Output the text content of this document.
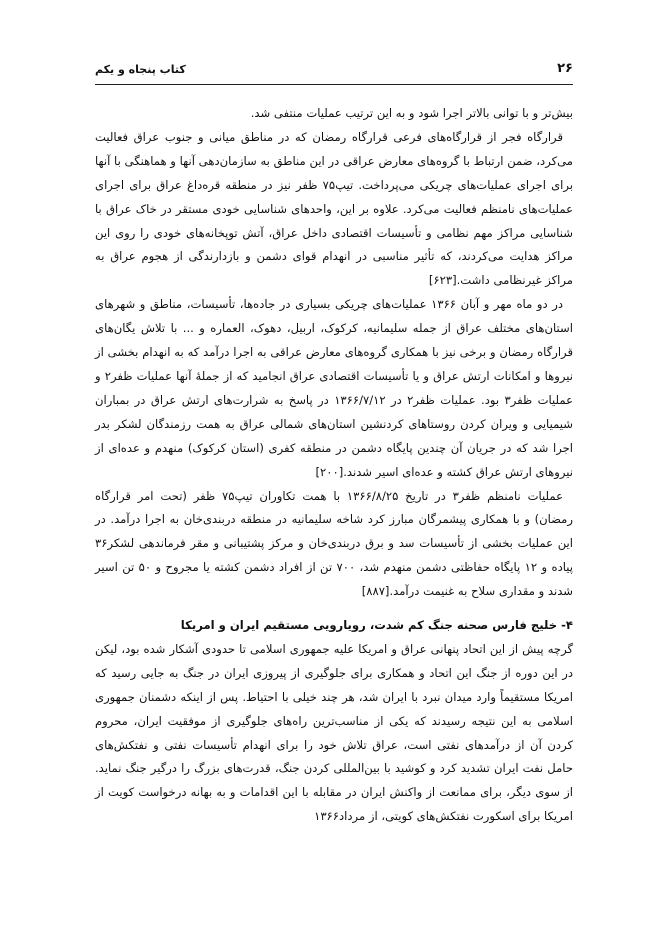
۲۶
کتاب پنجاه و یکم

بیش‌تر و با توانی بالاتر اجرا شود و به این ترتیب عملیات منتفی شد.

قرارگاه فجر از قرارگاه‌های فرعی قرارگاه رمضان که در مناطق میانی و جنوب عراق فعالیت می‌کرد، ضمن ارتباط با گروه‌های معارض عراقی در این مناطق به سازمان‌دهی آنها و هماهنگی با آنها برای اجرای عملیات‌های چریکی می‌پرداخت. تیپ۷۵ ظفر نیز در منطقه قره‌داغ عراق برای اجرای عملیات‌های نامنظم فعالیت می‌کرد. علاوه بر این، واحدهای شناسایی خودی مستقر در خاک عراق با شناسایی مراکز مهم نظامی و تأسیسات اقتصادی داخل عراق، آتش توپخانه‌های خودی را روی این مراکز هدایت می‌کردند، که تأثیر مناسبی در انهدام قوای دشمن و بازدارندگی از هجوم عراق به مراکز غیرنظامی داشت.[۶۲۳]

در دو ماه مهر و آبان ۱۳۶۶ عملیات‌های چریکی بسیاری در جاده‌ها، تأسیسات، مناطق و شهرهای استان‌های مختلف عراق از جمله سلیمانیه، کرکوک، اربیل، دهوک، العماره و ... با تلاش یگان‌های قرارگاه رمضان و برخی نیز با همکاری گروه‌های معارض عراقی به اجرا درآمد که به انهدام بخشی از نیروها و امکانات ارتش عراق و یا تأسیسات اقتصادی عراق انجامید که از جملۀ آنها عملیات ظفر۲ و عملیات ظفر۳ بود. عملیات ظفر۲ در ۱۳۶۶/۷/۱۲ در پاسخ به شرارت‌های ارتش عراق در بمباران شیمیایی و ویران کردن روستاهای کردنشین استان‌های شمالی عراق به همت رزمندگان لشکر بدر اجرا شد که در جریان آن چندین پایگاه دشمن در منطقه کفری (استان کرکوک) منهدم و عده‌ای از نیروهای ارتش عراق کشته و عده‌ای اسیر شدند.[۲۰۰]

عملیات نامنظم ظفر۳ در تاریخ ۱۳۶۶/۸/۲۵ با همت تکاوران تیپ۷۵ ظفر (تحت امر قرارگاه رمضان) و با همکاری پیشمرگان مبارز کرد شاخه سلیمانیه در منطقه دربندی‌خان به اجرا درآمد. در این عملیات بخشی از تأسیسات سد و برق دربندی‌خان و مرکز پشتیبانی و مقر فرماندهی لشکر۳۶ پیاده و ۱۲ پایگاه حفاظتی دشمن منهدم شد، ۷۰۰ تن از افراد دشمن کشته یا مجروح و ۵۰ تن اسیر شدند و مقداری سلاح به غنیمت درآمد.[۸۸۷]

۴- خلیج فارس صحنه جنگ کم شدت، رویارویی مستقیم ایران و امریکا

گرچه پیش از این اتحاد پنهانی عراق و امریکا علیه جمهوری اسلامی تا حدودی آشکار شده بود، لیکن در این دوره از جنگ این اتحاد و همکاری برای جلوگیری از پیروزی ایران در جنگ به جایی رسید که امریکا مستقیماً وارد میدان نبرد با ایران شد، هر چند خیلی با احتیاط. پس از اینکه دشمنان جمهوری اسلامی به این نتیجه رسیدند که یکی از مناسب‌ترین راه‌های جلوگیری از موفقیت ایران، محروم کردن آن از درآمدهای نفتی است، عراق تلاش خود را برای انهدام تأسیسات نفتی و نفتکش‌های حامل نفت ایران تشدید کرد و کوشید با بین‌المللی کردن جنگ، قدرت‌های بزرگ را درگیر جنگ نماید. از سوی دیگر، برای ممانعت از واکنش ایران در مقابله با این اقدامات و به بهانه درخواست کویت از امریکا برای اسکورت نفتکش‌های کویتی، از مرداد۱۳۶۶
